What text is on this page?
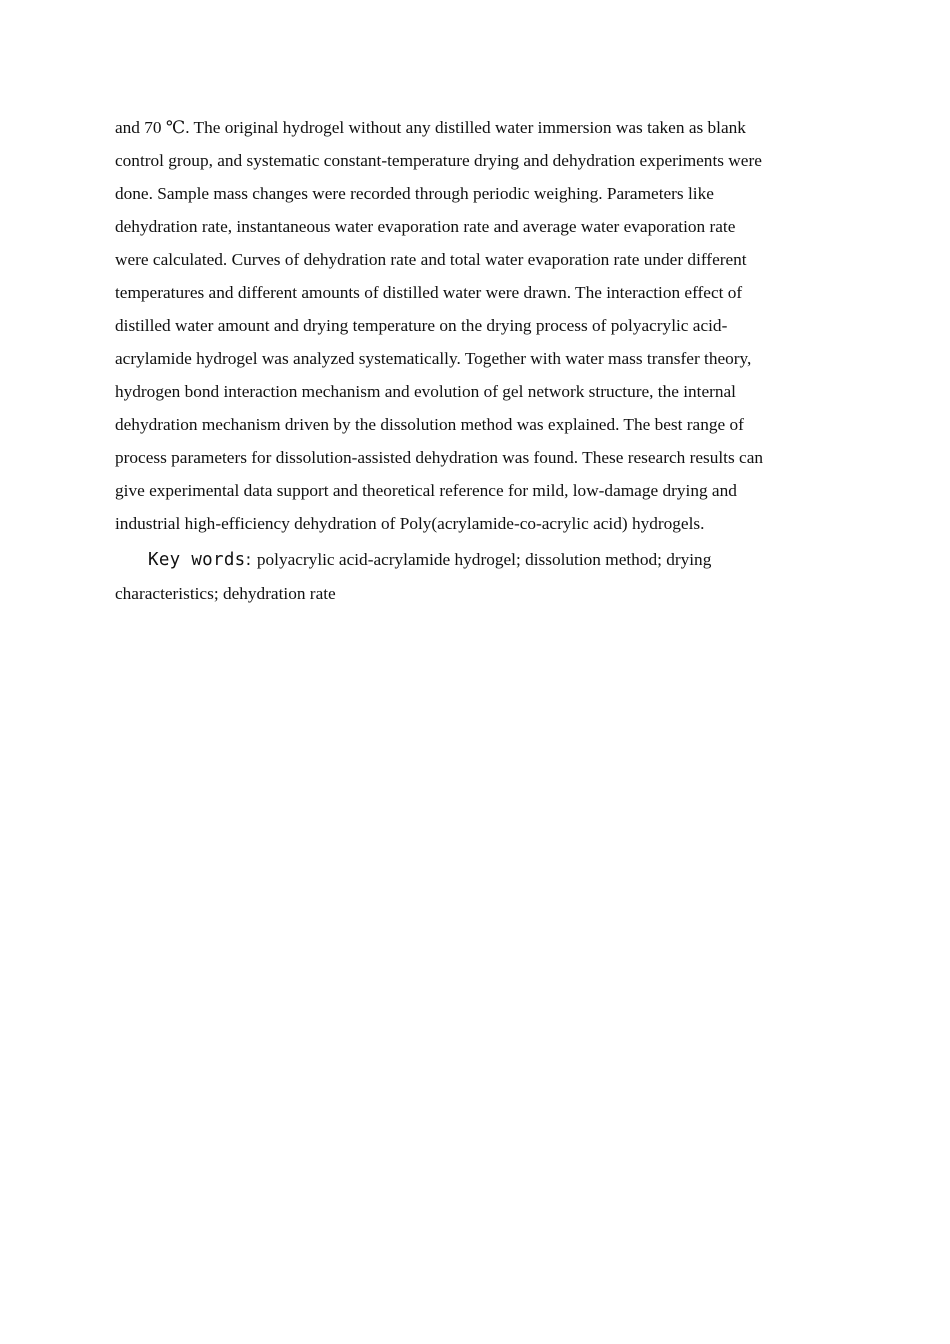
and 70 ℃. The original hydrogel without any distilled water immersion was taken as blank
control group, and systematic constant-temperature drying and dehydration experiments were
done. Sample mass changes were recorded through periodic weighing. Parameters like
dehydration rate, instantaneous water evaporation rate and average water evaporation rate
were calculated. Curves of dehydration rate and total water evaporation rate under different
temperatures and different amounts of distilled water were drawn. The interaction effect of
distilled water amount and drying temperature on the drying process of polyacrylic acid-
acrylamide hydrogel was analyzed systematically. Together with water mass transfer theory,
hydrogen bond interaction mechanism and evolution of gel network structure, the internal
dehydration mechanism driven by the dissolution method was explained. The best range of
process parameters for dissolution-assisted dehydration was found. These research results can
give experimental data support and theoretical reference for mild, low-damage drying and
industrial high-efficiency dehydration of Poly(acrylamide-co-acrylic acid) hydrogels.

Key words: polyacrylic acid-acrylamide hydrogel; dissolution method; drying
characteristics; dehydration rate
